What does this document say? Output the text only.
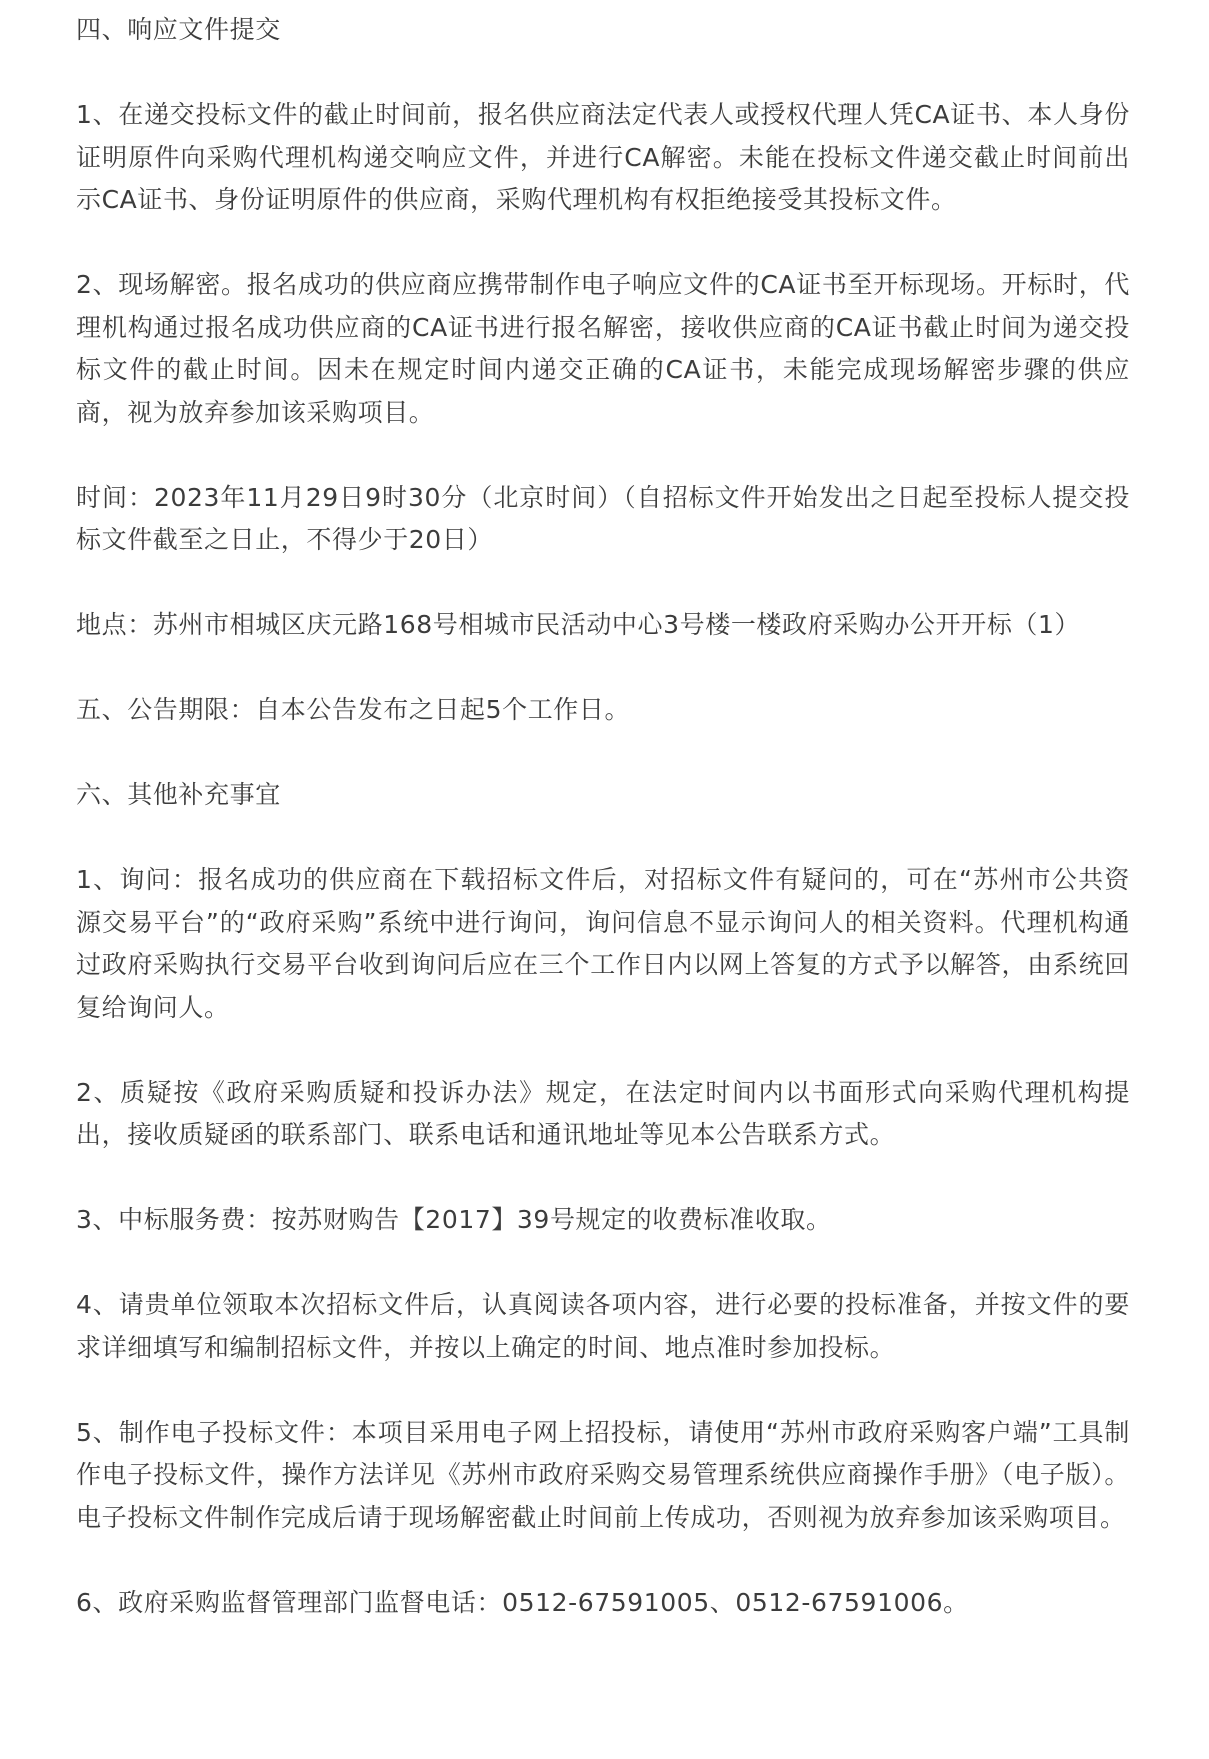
四、响应文件提交

1、在递交投标文件的截止时间前，报名供应商法定代表人或授权代理人凭CA证书、本人身份证明原件向采购代理机构递交响应文件，并进行CA解密。未能在投标文件递交截止时间前出示CA证书、身份证明原件的供应商，采购代理机构有权拒绝接受其投标文件。

2、现场解密。报名成功的供应商应携带制作电子响应文件的CA证书至开标现场。开标时，代理机构通过报名成功供应商的CA证书进行报名解密，接收供应商的CA证书截止时间为递交投标文件的截止时间。因未在规定时间内递交正确的CA证书，未能完成现场解密步骤的供应商，视为放弃参加该采购项目。

时间：2023年11月29日9时30分（北京时间）（自招标文件开始发出之日起至投标人提交投标文件截至之日止，不得少于20日）

地点：苏州市相城区庆元路168号相城市民活动中心3号楼一楼政府采购办公开开标（1）

五、公告期限：自本公告发布之日起5个工作日。

六、其他补充事宜

1、询问：报名成功的供应商在下载招标文件后，对招标文件有疑问的，可在“苏州市公共资源交易平台”的“政府采购”系统中进行询问，询问信息不显示询问人的相关资料。代理机构通过政府采购执行交易平台收到询问后应在三个工作日内以网上答复的方式予以解答，由系统回复给询问人。

2、质疑按《政府采购质疑和投诉办法》规定，在法定时间内以书面形式向采购代理机构提出，接收质疑函的联系部门、联系电话和通讯地址等见本公告联系方式。

3、中标服务费：按苏财购告【2017】39号规定的收费标准收取。

4、请贵单位领取本次招标文件后，认真阅读各项内容，进行必要的投标准备，并按文件的要求详细填写和编制招标文件，并按以上确定的时间、地点准时参加投标。

5、制作电子投标文件：本项目采用电子网上招投标，请使用“苏州市政府采购客户端”工具制作电子投标文件，操作方法详见《苏州市政府采购交易管理系统供应商操作手册》（电子版）。电子投标文件制作完成后请于现场解密截止时间前上传成功，否则视为放弃参加该采购项目。

6、政府采购监督管理部门监督电话：0512-67591005、0512-67591006。
